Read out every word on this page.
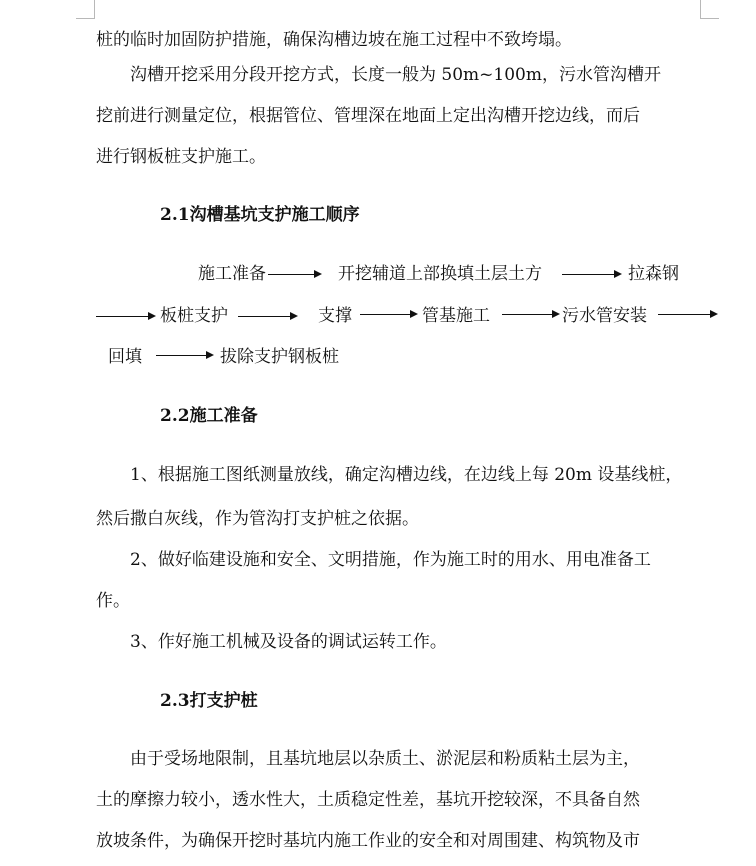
桩的临时加固防护措施，确保沟槽边坡在施工过程中不致垮塌。
沟槽开挖采用分段开挖方式，长度一般为 50m~100m，污水管沟槽开
挖前进行测量定位，根据管位、管埋深在地面上定出沟槽开挖边线，而后
进行钢板桩支护施工。
2.1沟槽基坑支护施工顺序
施工准备	开挖辅道上部换填土层土方	拉森钢
板桩支护	支撑	管基施工	污水管安装
回填	拔除支护钢板桩
2.2施工准备
1、根据施工图纸测量放线，确定沟槽边线，在边线上每 20m 设基线桩，
然后撒白灰线，作为管沟打支护桩之依据。
2、做好临建设施和安全、文明措施，作为施工时的用水、用电准备工
作。
3、作好施工机械及设备的调试运转工作。
2.3打支护桩
由于受场地限制，且基坑地层以杂质土、淤泥层和粉质粘土层为主，
土的摩擦力较小，透水性大，土质稳定性差，基坑开挖较深，不具备自然
放坡条件，为确保开挖时基坑内施工作业的安全和对周围建、构筑物及市
